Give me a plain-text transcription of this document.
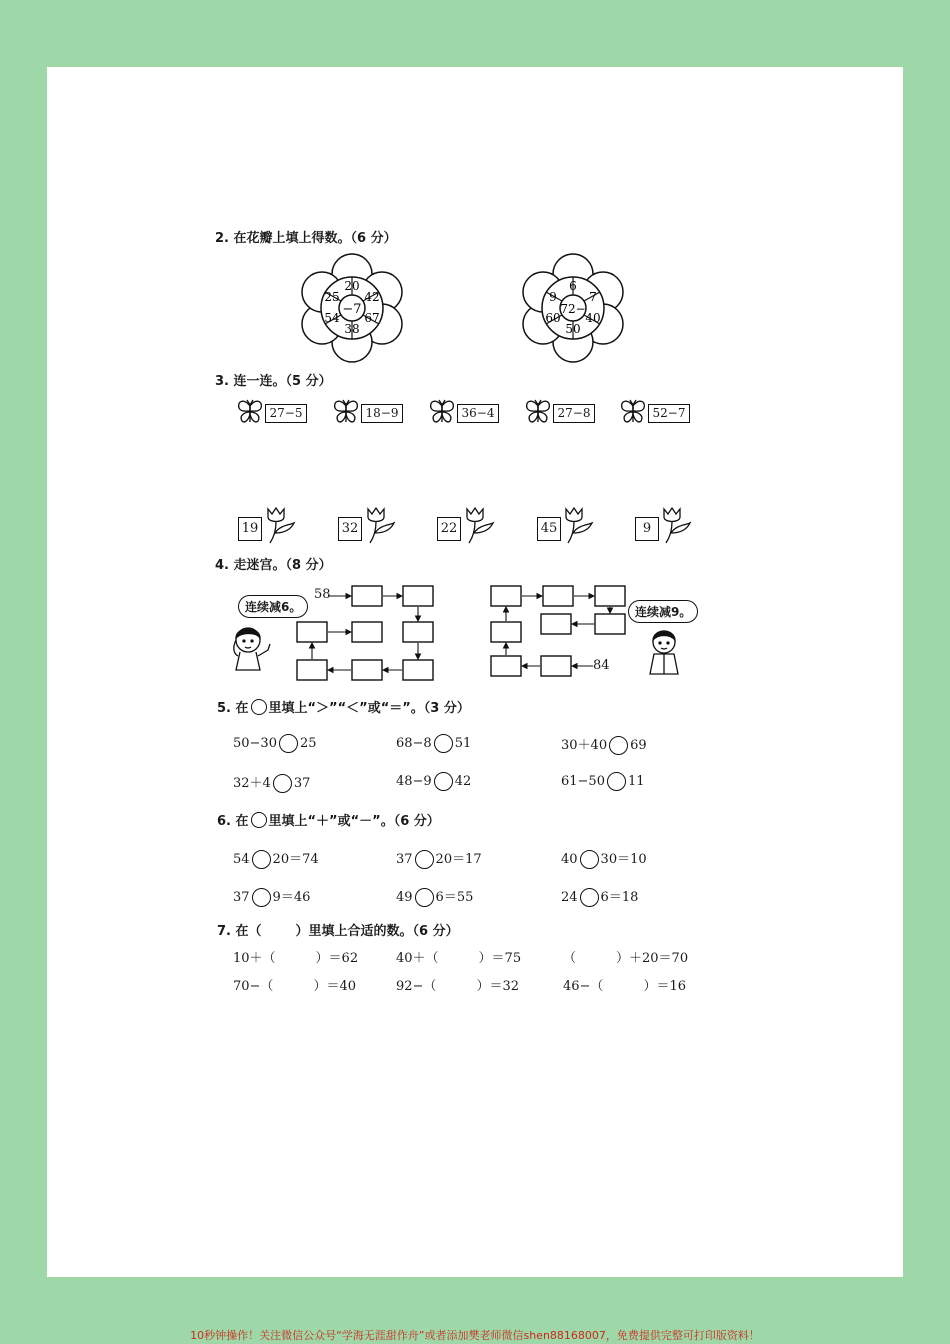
2. 在花瓣上填上得数。（6 分）
−7
20
42
67
38
54
25
72−
6
7
40
50
60
9
3. 连一连。（5 分）
27−5	18−9	36−4	27−8	52−7
19	32	22	45	9
4. 走迷宫。（8 分）
58
连续减6。
84
连续减9。
5. 在 里填上“＞”“＜”或“＝”。（3 分）
50−30 25	68−8 51	30＋40 69
32＋4 37	48−9 42	61−50 11
6. 在 里填上“＋”或“－”。（6 分）
54 20＝74	37 20＝17	40 30＝10
37 9＝46	49 6＝55	24 6＝18
7. 在（	）里填上合适的数。（6 分）
10＋（	）＝62	40＋（	）＝75	（	）＋20＝70
70−（	）＝40	92−（	）＝32	46−（	）＝16
10秒钟操作！关注微信公众号“学海无涯甜作舟”或者添加樊老师微信shen88168007，免费提供完整可打印版资料！
